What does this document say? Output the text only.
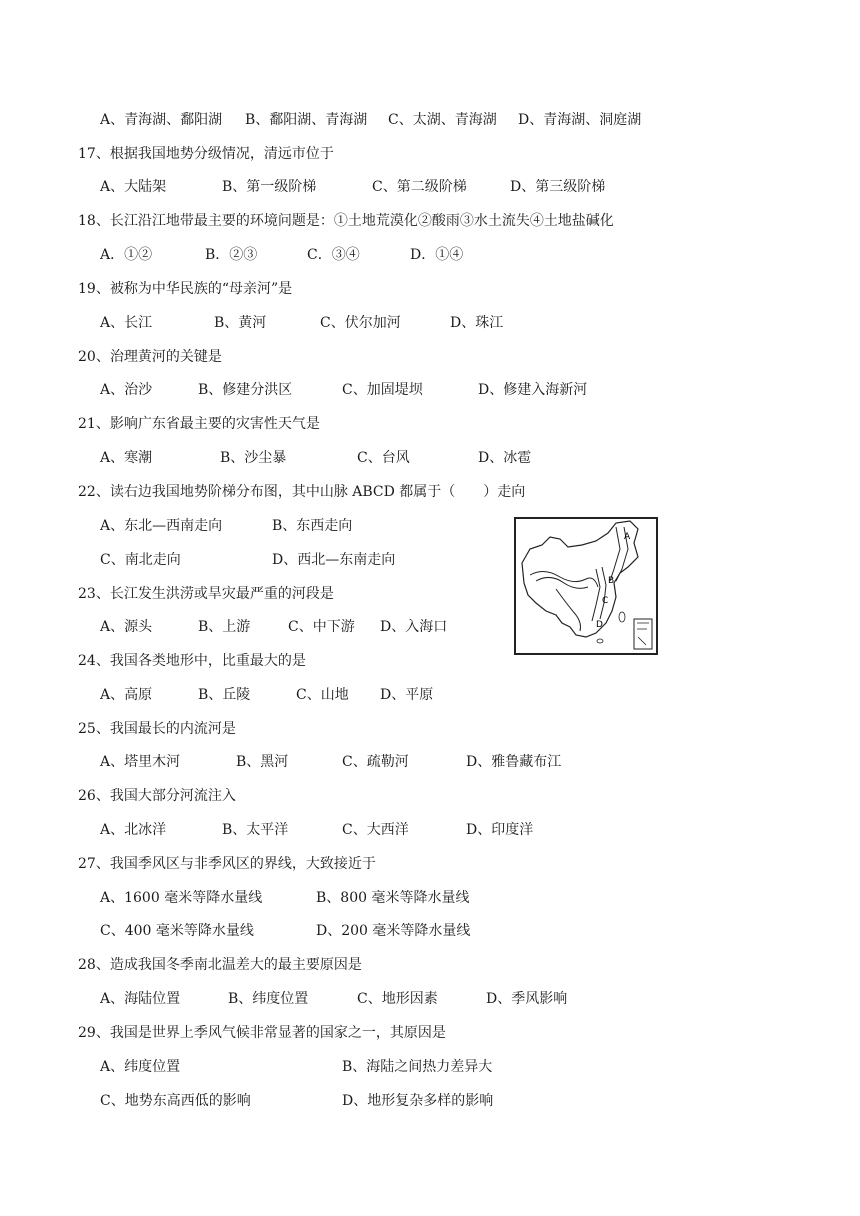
A、青海湖、鄱阳湖 B、鄱阳湖、青海湖 C、太湖、青海湖 D、青海湖、洞庭湖
17、根据我国地势分级情况，清远市位于
A、大陆架	B、第一级阶梯	C、第二级阶梯	D、第三级阶梯
18、长江沿江地带最主要的环境问题是：①土地荒漠化②酸雨③水土流失④土地盐碱化
A．①②	B．②③	C．③④	D．①④
19、被称为中华民族的“母亲河”是
A、长江	B、黄河	C、伏尔加河	D、珠江
20、治理黄河的关键是
A、治沙	B、修建分洪区	C、加固堤坝	D、修建入海新河
21、影响广东省最主要的灾害性天气是
A、寒潮	B、沙尘暴	C、台风	D、冰雹
22、读右边我国地势阶梯分布图，其中山脉 ABCD 都属于（　　）走向
A、东北—西南走向	B、东西走向
C、南北走向	D、西北—东南走向
A
B
C
D
23、长江发生洪涝或旱灾最严重的河段是
A、源头	B、上游	C、中下游 D、入海口
24、我国各类地形中，比重最大的是
A、高原	B、丘陵	C、山地 D、平原
25、我国最长的内流河是
A、塔里木河	B、黑河	C、疏勒河	D、雅鲁藏布江
26、我国大部分河流注入
A、北冰洋	B、太平洋	C、大西洋	D、印度洋
27、我国季风区与非季风区的界线，大致接近于
A、1600 毫米等降水量线	B、800 毫米等降水量线
C、400 毫米等降水量线	D、200 毫米等降水量线
28、造成我国冬季南北温差大的最主要原因是
A、海陆位置	B、纬度位置	C、地形因素	D、季风影响
29、我国是世界上季风气候非常显著的国家之一，其原因是
A、纬度位置	B、海陆之间热力差异大
C、地势东高西低的影响	D、地形复杂多样的影响
